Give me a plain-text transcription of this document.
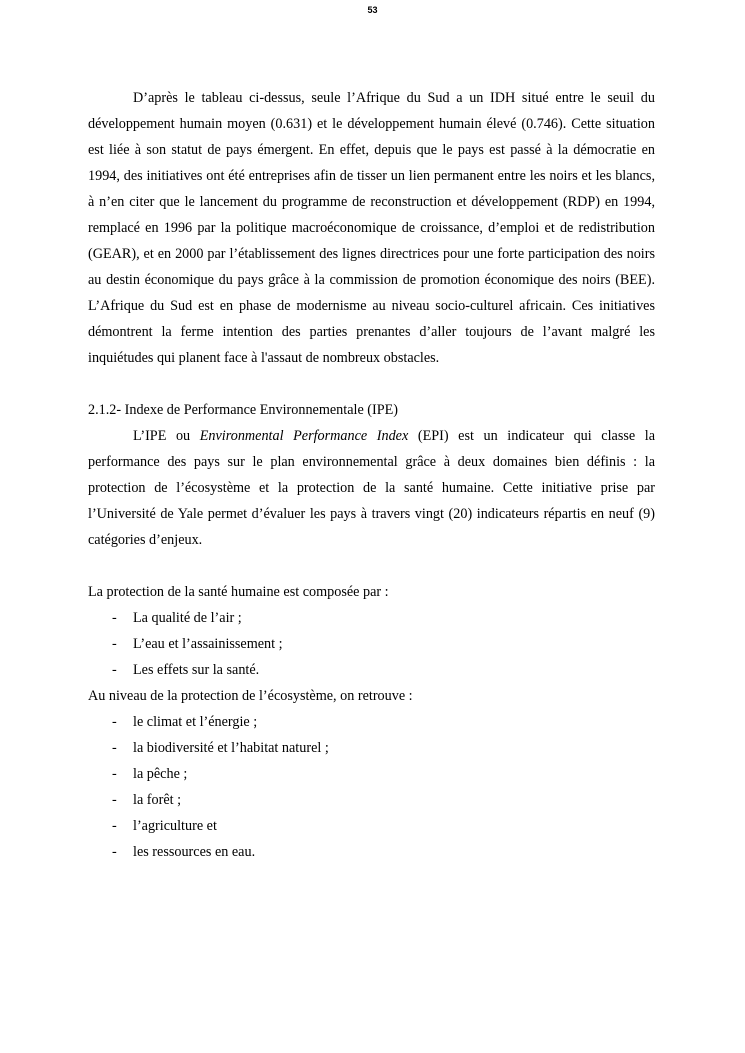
53

D’après le tableau ci-dessus, seule l’Afrique du Sud a un IDH situé entre le seuil du développement humain moyen (0.631) et le développement humain élevé (0.746). Cette situation est liée à son statut de pays émergent. En effet, depuis que le pays est passé à la démocratie en 1994, des initiatives ont été entreprises afin de tisser un lien permanent entre les noirs et les blancs, à n’en citer que le lancement du programme de reconstruction et développement (RDP) en 1994, remplacé en 1996 par la politique macroéconomique de croissance, d’emploi et de redistribution (GEAR), et en 2000 par l’établissement des lignes directrices pour une forte participation des noirs au destin économique du pays grâce à la commission de promotion économique des noirs (BEE). L’Afrique du Sud est en phase de modernisme au niveau socio-culturel africain. Ces initiatives démontrent la ferme intention des parties prenantes d’aller toujours de l’avant malgré les inquiétudes qui planent face à l'assaut de nombreux obstacles.

2.1.2- Indexe de Performance Environnementale (IPE)

L’IPE ou Environmental Performance Index (EPI) est un indicateur qui classe la performance des pays sur le plan environnemental grâce à deux domaines bien définis : la protection de l’écosystème et la protection de la santé humaine. Cette initiative prise par l’Université de Yale permet d’évaluer les pays à travers vingt (20) indicateurs répartis en neuf (9) catégories d’enjeux.

La protection de la santé humaine est composée par :

- La qualité de l’air ;
- L’eau et l’assainissement ;
- Les effets sur la santé.

Au niveau de la protection de l’écosystème, on retrouve :

- le climat et l’énergie ;
- la biodiversité et l’habitat naturel ;
- la pêche ;
- la forêt ;
- l’agriculture et
- les ressources en eau.
